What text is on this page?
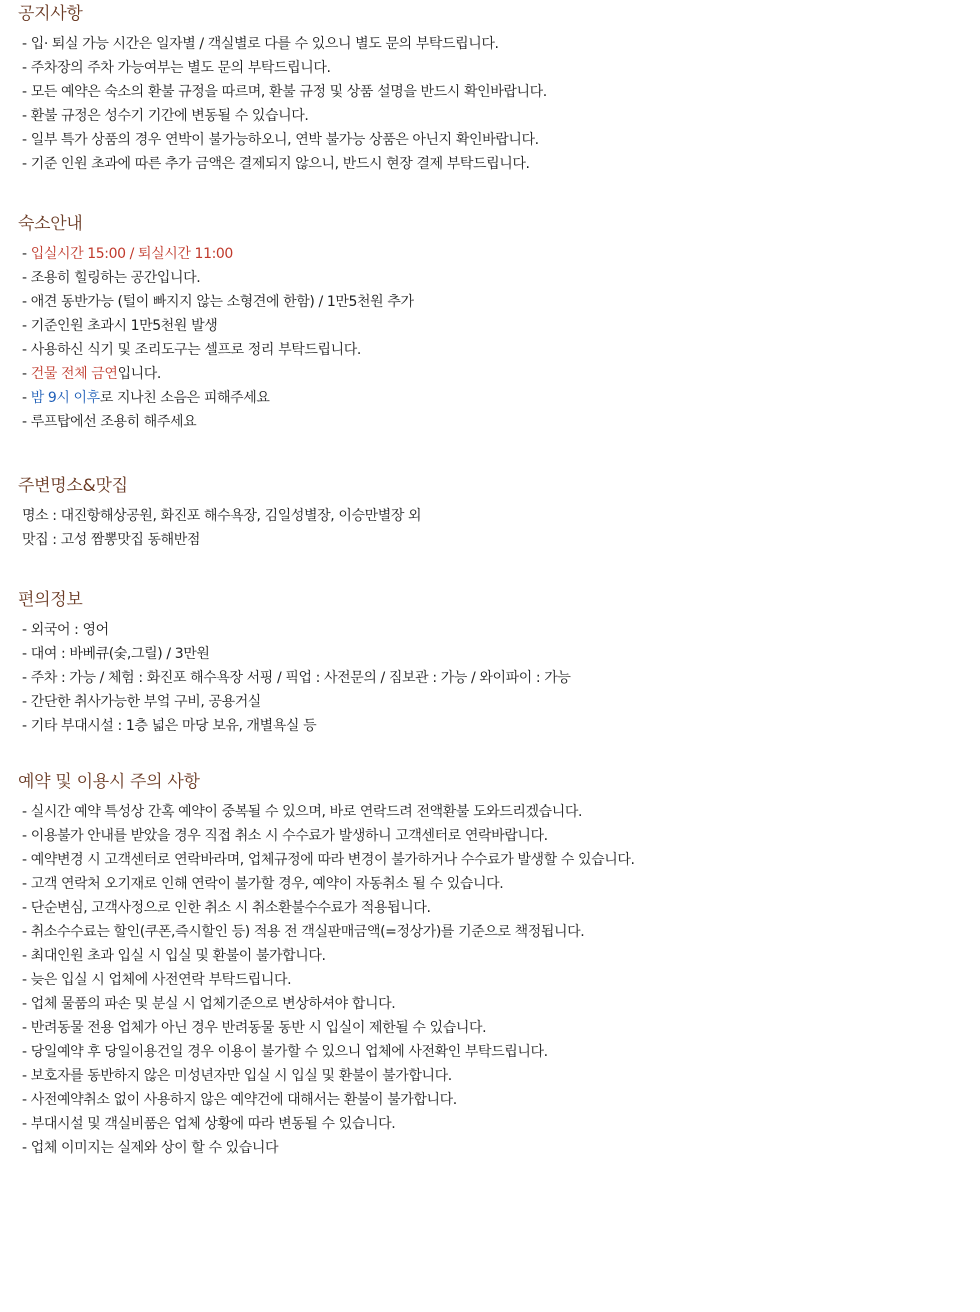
공지사항
- 입· 퇴실 가능 시간은 일자별 / 객실별로 다를 수 있으니 별도 문의 부탁드립니다.
- 주차장의 주차 가능여부는 별도 문의 부탁드립니다.
- 모든 예약은 숙소의 환불 규정을 따르며, 환불 규정 및 상품 설명을 반드시 확인바랍니다.
- 환불 규정은 성수기 기간에 변동될 수 있습니다.
- 일부 특가 상품의 경우 연박이 불가능하오니, 연박 불가능 상품은 아닌지 확인바랍니다.
- 기준 인원 초과에 따른 추가 금액은 결제되지 않으니, 반드시 현장 결제 부탁드립니다.
숙소안내
- 입실시간 15:00 / 퇴실시간 11:00
- 조용히 힐링하는 공간입니다.
- 애견 동반가능 (털이 빠지지 않는 소형견에 한함) / 1만5천원 추가
- 기준인원 초과시 1만5천원 발생
- 사용하신 식기 및 조리도구는 셀프로 정리 부탁드립니다.
- 건물 전체 금연입니다.
- 밤 9시 이후로 지나친 소음은 피해주세요
- 루프탑에선 조용히 해주세요
주변명소&맛집
명소 : 대진항해상공원, 화진포 해수욕장, 김일성별장, 이승만별장 외
맛집 : 고성 짬뽕맛집 동해반점
편의정보
- 외국어 : 영어
- 대여 : 바베큐(숯,그릴) / 3만원
- 주차 : 가능 / 체험 : 화진포 해수욕장 서핑 / 픽업 : 사전문의 / 짐보관 : 가능 / 와이파이 : 가능
- 간단한 취사가능한 부엌 구비, 공용거실
- 기타 부대시설 : 1층 넓은 마당 보유, 개별욕실 등
예약 및 이용시 주의 사항
- 실시간 예약 특성상 간혹 예약이 중복될 수 있으며, 바로 연락드려 전액환불 도와드리겠습니다.
- 이용불가 안내를 받았을 경우 직접 취소 시 수수료가 발생하니 고객센터로 연락바랍니다.
- 예약변경 시 고객센터로 연락바라며, 업체규정에 따라 변경이 불가하거나 수수료가 발생할 수 있습니다.
- 고객 연락처 오기재로 인해 연락이 불가할 경우, 예약이 자동취소 될 수 있습니다.
- 단순변심, 고객사정으로 인한 취소 시 취소환불수수료가 적용됩니다.
- 취소수수료는 할인(쿠폰,즉시할인 등) 적용 전 객실판매금액(=정상가)를 기준으로 책정됩니다.
- 최대인원 초과 입실 시 입실 및 환불이 불가합니다.
- 늦은 입실 시 업체에 사전연락 부탁드립니다.
- 업체 물품의 파손 및 분실 시 업체기준으로 변상하셔야 합니다.
- 반려동물 전용 업체가 아닌 경우 반려동물 동반 시 입실이 제한될 수 있습니다.
- 당일예약 후 당일이용건일 경우 이용이 불가할 수 있으니 업체에 사전확인 부탁드립니다.
- 보호자를 동반하지 않은 미성년자만 입실 시 입실 및 환불이 불가합니다.
- 사전예약취소 없이 사용하지 않은 예약건에 대해서는 환불이 불가합니다.
- 부대시설 및 객실비품은 업체 상황에 따라 변동될 수 있습니다.
- 업체 이미지는 실제와 상이 할 수 있습니다
